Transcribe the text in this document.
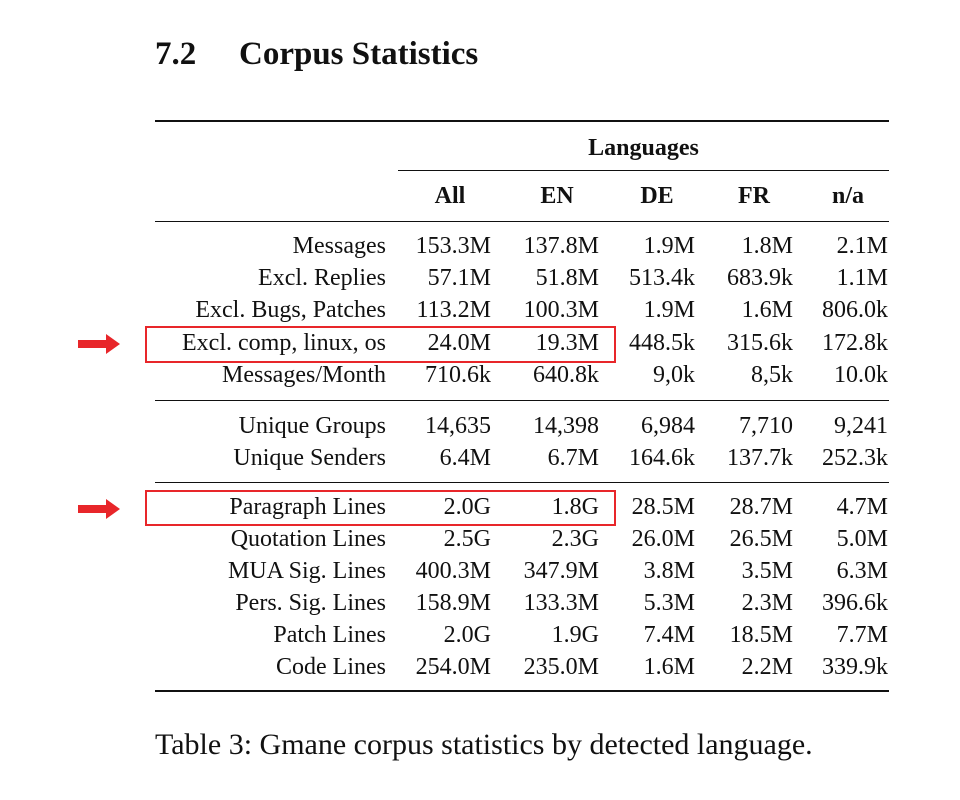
7.2 Corpus Statistics
Languages
All	EN	DE	FR	n/a
Messages 153.3M 137.8M 1.9M 1.8M 2.1M
Excl. Replies 57.1M 51.8M 513.4k 683.9k 1.1M
Excl. Bugs, Patches 113.2M 100.3M 1.9M 1.6M 806.0k
Excl. comp, linux, os 24.0M 19.3M 448.5k 315.6k 172.8k
Messages/Month 710.6k 640.8k 9,0k 8,5k 10.0k
Unique Groups 14,635 14,398 6,984 7,710 9,241
Unique Senders 6.4M 6.7M 164.6k 137.7k 252.3k
Paragraph Lines 2.0G	1.8G 28.5M 28.7M 4.7M
Quotation Lines 2.5G	2.3G 26.0M 26.5M 5.0M
MUA Sig. Lines 400.3M 347.9M 3.8M 3.5M 6.3M
Pers. Sig. Lines 158.9M 133.3M 5.3M 2.3M 396.6k
Patch Lines 2.0G	1.9G 7.4M 18.5M 7.7M
Code Lines 254.0M 235.0M 1.6M 2.2M 339.9k
Table 3: Gmane corpus statistics by detected language.
